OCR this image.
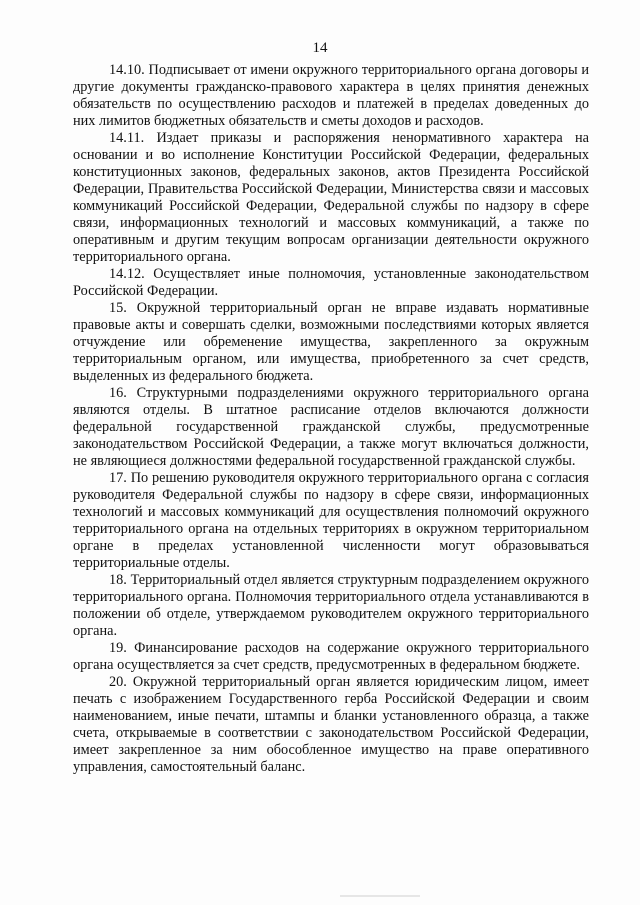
14

14.10. Подписывает от имени окружного территориального органа договоры и другие документы гражданско-правового характера в целях принятия денежных обязательств по осуществлению расходов и платежей в пределах доведенных до них лимитов бюджетных обязательств и сметы доходов и расходов.

14.11. Издает приказы и распоряжения ненормативного характера на основании и во исполнение Конституции Российской Федерации, федеральных конституционных законов, федеральных законов, актов Президента Российской Федерации, Правительства Российской Федерации, Министерства связи и массовых коммуникаций Российской Федерации, Федеральной службы по надзору в сфере связи, информационных технологий и массовых коммуникаций, а также по оперативным и другим текущим вопросам организации деятельности окружного территориального органа.

14.12. Осуществляет иные полномочия, установленные законодательством Российской Федерации.

15. Окружной территориальный орган не вправе издавать нормативные правовые акты и совершать сделки, возможными последствиями которых является отчуждение или обременение имущества, закрепленного за окружным территориальным органом, или имущества, приобретенного за счет средств, выделенных из федерального бюджета.

16. Структурными подразделениями окружного территориального органа являются отделы. В штатное расписание отделов включаются должности федеральной государственной гражданской службы, предусмотренные законодательством Российской Федерации, а также могут включаться должности, не являющиеся должностями федеральной государственной гражданской службы.

17. По решению руководителя окружного территориального органа с согласия руководителя Федеральной службы по надзору в сфере связи, информационных технологий и массовых коммуникаций для осуществления полномочий окружного территориального органа на отдельных территориях в окружном территориальном органе в пределах установленной численности могут образовываться территориальные отделы.

18. Территориальный отдел является структурным подразделением окружного территориального органа. Полномочия территориального отдела устанавливаются в положении об отделе, утверждаемом руководителем окружного территориального органа.

19. Финансирование расходов на содержание окружного территориального органа осуществляется за счет средств, предусмотренных в федеральном бюджете.

20. Окружной территориальный орган является юридическим лицом, имеет печать с изображением Государственного герба Российской Федерации и своим наименованием, иные печати, штампы и бланки установленного образца, а также счета, открываемые в соответствии с законодательством Российской Федерации, имеет закрепленное за ним обособленное имущество на праве оперативного управления, самостоятельный баланс.
